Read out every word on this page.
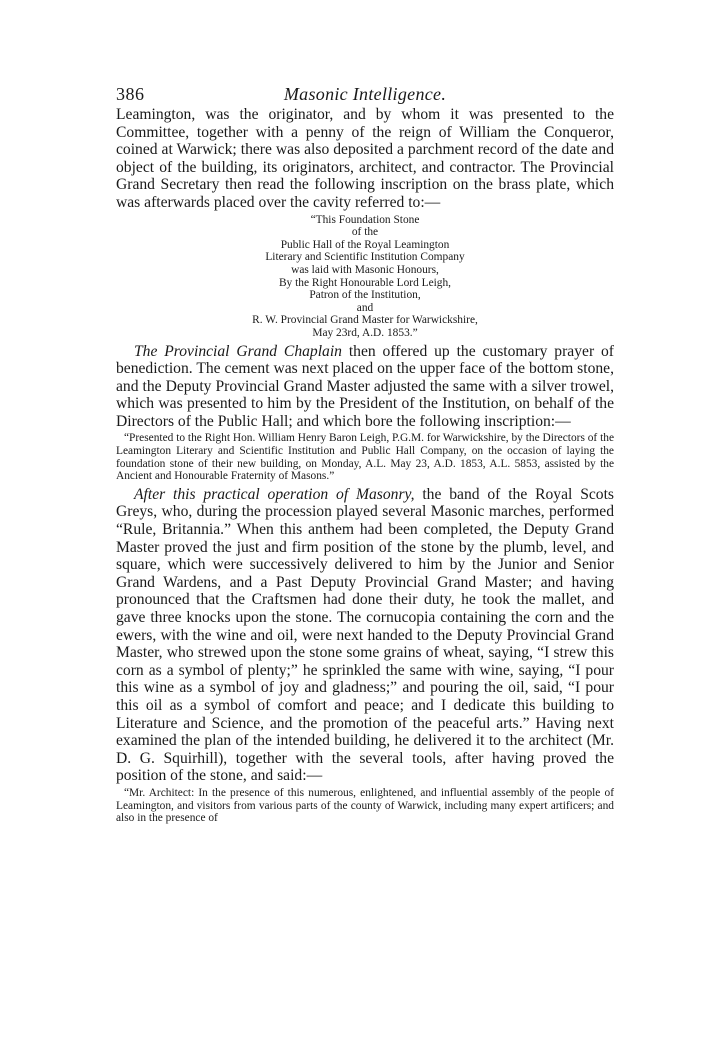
386	Masonic Intelligence.

Leamington, was the originator, and by whom it was presented to the Committee, together with a penny of the reign of William the Conqueror, coined at Warwick; there was also deposited a parchment record of the date and object of the building, its originators, architect, and contractor. The Provincial Grand Secretary then read the following inscription on the brass plate, which was afterwards placed over the cavity referred to:—

“This Foundation Stone
of the
Public Hall of the Royal Leamington
Literary and Scientific Institution Company
was laid with Masonic Honours,
By the Right Honourable Lord Leigh,
Patron of the Institution,
and
R. W. Provincial Grand Master for Warwickshire,
May 23rd, A.D. 1853.”

The Provincial Grand Chaplain then offered up the customary prayer of benediction. The cement was next placed on the upper face of the bottom stone, and the Deputy Provincial Grand Master adjusted the same with a silver trowel, which was presented to him by the President of the Institution, on behalf of the Directors of the Public Hall; and which bore the following inscription:—

“Presented to the Right Hon. William Henry Baron Leigh, P.G.M. for Warwickshire, by the Directors of the Leamington Literary and Scientific Institution and Public Hall Company, on the occasion of laying the foundation stone of their new building, on Monday, A.L. May 23, A.D. 1853, A.L. 5853, assisted by the Ancient and Honourable Fraternity of Masons.”

After this practical operation of Masonry, the band of the Royal Scots Greys, who, during the procession played several Masonic marches, performed “Rule, Britannia.” When this anthem had been completed, the Deputy Grand Master proved the just and firm position of the stone by the plumb, level, and square, which were successively delivered to him by the Junior and Senior Grand Wardens, and a Past Deputy Provincial Grand Master; and having pronounced that the Craftsmen had done their duty, he took the mallet, and gave three knocks upon the stone. The cornucopia containing the corn and the ewers, with the wine and oil, were next handed to the Deputy Provincial Grand Master, who strewed upon the stone some grains of wheat, saying, “I strew this corn as a symbol of plenty;” he sprinkled the same with wine, saying, “I pour this wine as a symbol of joy and gladness;” and pouring the oil, said, “I pour this oil as a symbol of comfort and peace; and I dedicate this building to Literature and Science, and the promotion of the peaceful arts.” Having next examined the plan of the intended building, he delivered it to the architect (Mr. D. G. Squirhill), together with the several tools, after having proved the position of the stone, and said:—

“Mr. Architect: In the presence of this numerous, enlightened, and influential assembly of the people of Leamington, and visitors from various parts of the county of Warwick, including many expert artificers; and also in the presence of
